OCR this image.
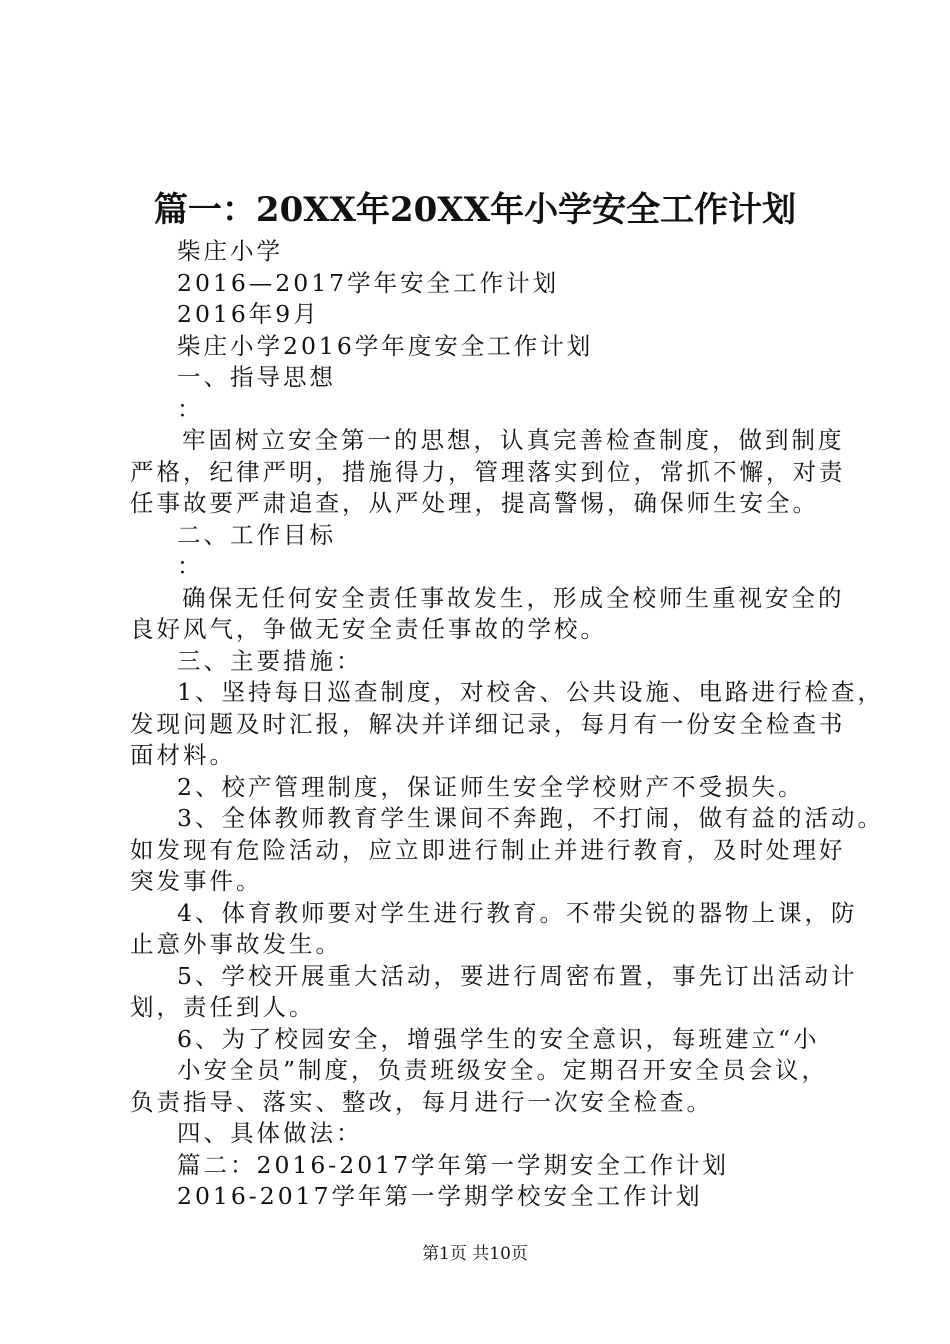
篇一：20XX年20XX年小学安全工作计划
柴庄小学
2016—2017学年安全工作计划
2016年9月
柴庄小学2016学年度安全工作计划
一、指导思想
：
牢固树立安全第一的思想，认真完善检查制度，做到制度
严格，纪律严明，措施得力，管理落实到位，常抓不懈，对责
任事故要严肃追查，从严处理，提高警惕，确保师生安全。
二、工作目标
：
确保无任何安全责任事故发生，形成全校师生重视安全的
良好风气，争做无安全责任事故的学校。
三、主要措施：
1、坚持每日巡查制度，对校舍、公共设施、电路进行检查，
发现问题及时汇报，解决并详细记录，每月有一份安全检查书
面材料。
2、校产管理制度，保证师生安全学校财产不受损失。
3、全体教师教育学生课间不奔跑，不打闹，做有益的活动。
如发现有危险活动，应立即进行制止并进行教育，及时处理好
突发事件。
4、体育教师要对学生进行教育。不带尖锐的器物上课，防
止意外事故发生。
5、学校开展重大活动，要进行周密布置，事先订出活动计
划，责任到人。
6、为了校园安全，增强学生的安全意识，每班建立“小
小安全员”制度，负责班级安全。定期召开安全员会议，
负责指导、落实、整改，每月进行一次安全检查。
四、具体做法：
篇二：2016-2017学年第一学期安全工作计划
2016-2017学年第一学期学校安全工作计划
第1页 共10页
